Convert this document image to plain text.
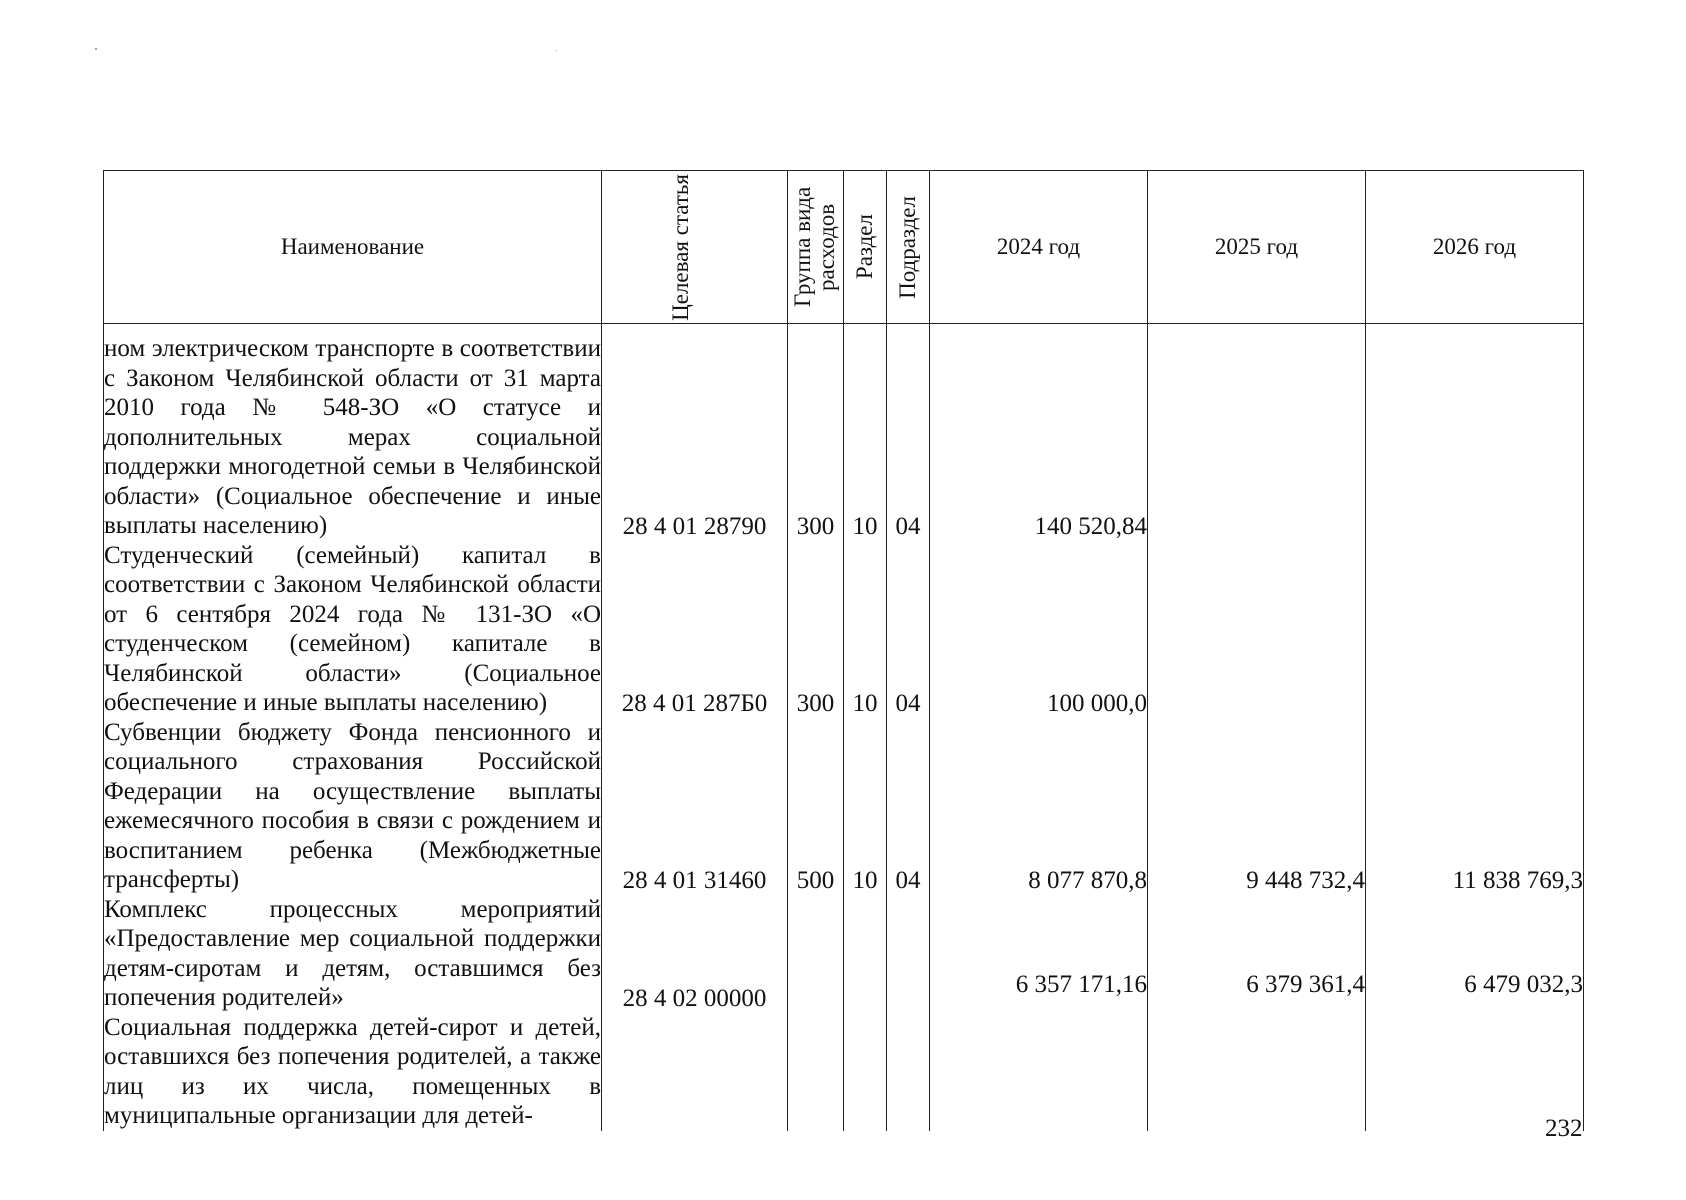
Наименование	Целевая статья	Группа вида расходов	Раздел	Подраздел	2024 год	2025 год	2026 год
ном электрическом транспорте в соответствии с Законом Челябинской области от 31 марта 2010 года № 548-ЗО «О статусе и дополнительных мерах социальной поддержки многодетной семьи в Челябинской области» (Социальное обеспечение и иные выплаты населению)	28 4 01 28790	300	10	04	140 520,84		
Студенческий (семейный) капитал в соответствии с Законом Челябинской области от 6 сентября 2024 года № 131-ЗО «О студенческом (семейном) капитале в Челябинской области» (Социальное обеспечение и иные выплаты населению)	28 4 01 287Б0	300	10	04	100 000,0		
Субвенции бюджету Фонда пенсионного и социального страхования Российской Федерации на осуществление выплаты ежемесячного пособия в связи с рождением и воспитанием ребенка (Межбюджетные трансферты)	28 4 01 31460	500	10	04	8 077 870,8	9 448 732,4	11 838 769,3
Комплекс процессных мероприятий «Предоставление мер социальной поддержки детям-сиротам и детям, оставшимся без попечения родителей»	28 4 02 00000				6 357 171,16	6 379 361,4	6 479 032,3
Социальная поддержка детей-сирот и детей, оставшихся без попечения родителей, а также лиц из их числа, помещенных в муниципальные организации для детей-								232
